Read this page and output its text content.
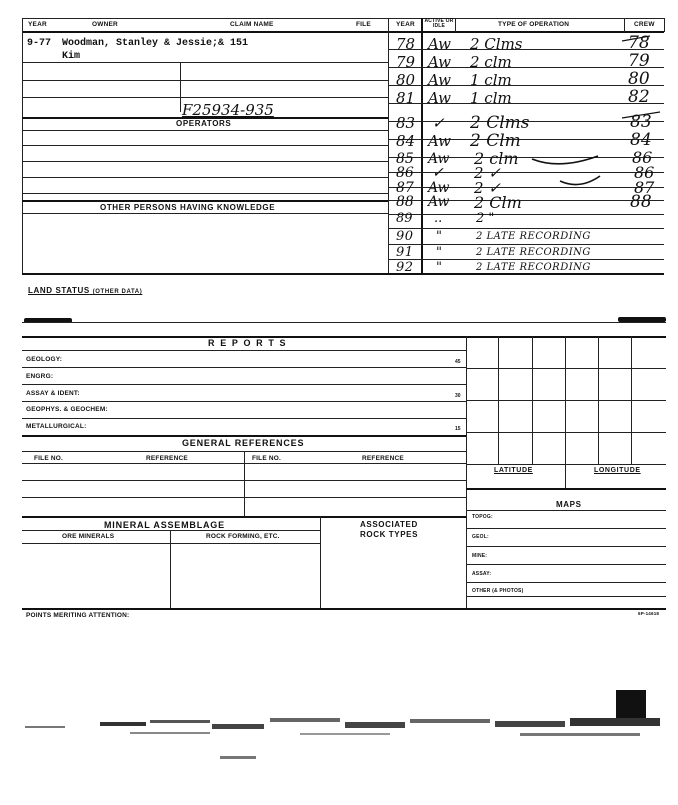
YEAR	OWNER	CLAIM NAME	FILE	YEAR ACTIVE OR IDLE	TYPE OF OPERATION	CREW
9-77 Woodman, Stanley & Jessie;& 151
Kim
F25934-935
OPERATORS
OTHER PERSONS HAVING KNOWLEDGE
78 Aw 2 Clms	78
79 Aw 2 clm	79
80 Aw 1 clm	80
81 Aw 1 clm	82
83 ✓ 2 Clms	83
84 Aw 2 Clm	84
85 Aw 2 clm	86
86 ✓ 2 ✓	86
87 Aw 2 ✓	87
88 Aw 2 Clm	88
89 ..	2 "
90 "	2 LATE RECORDING
91 "	2 LATE RECORDING
92 "	2 LATE RECORDING
LAND STATUS (OTHER DATA)
R E P O R T S
GEOLOGY:	45
ENGRG:
ASSAY & IDENT:	30
GEOPHYS. & GEOCHEM:
METALLURGICAL:	15
LATITUDE	LONGITUDE
GENERAL REFERENCES
FILE NO.	REFERENCE	FILE NO.	REFERENCE
MAPS
TOPOG:
GEOL:
MINE:
ASSAY:
OTHER (& PHOTOS)
MINERAL ASSEMBLAGE
ORE MINERALS	ROCK FORMING, ETC.
ASSOCIATED
ROCK TYPES
POINTS MERITING ATTENTION:	6P-14618
